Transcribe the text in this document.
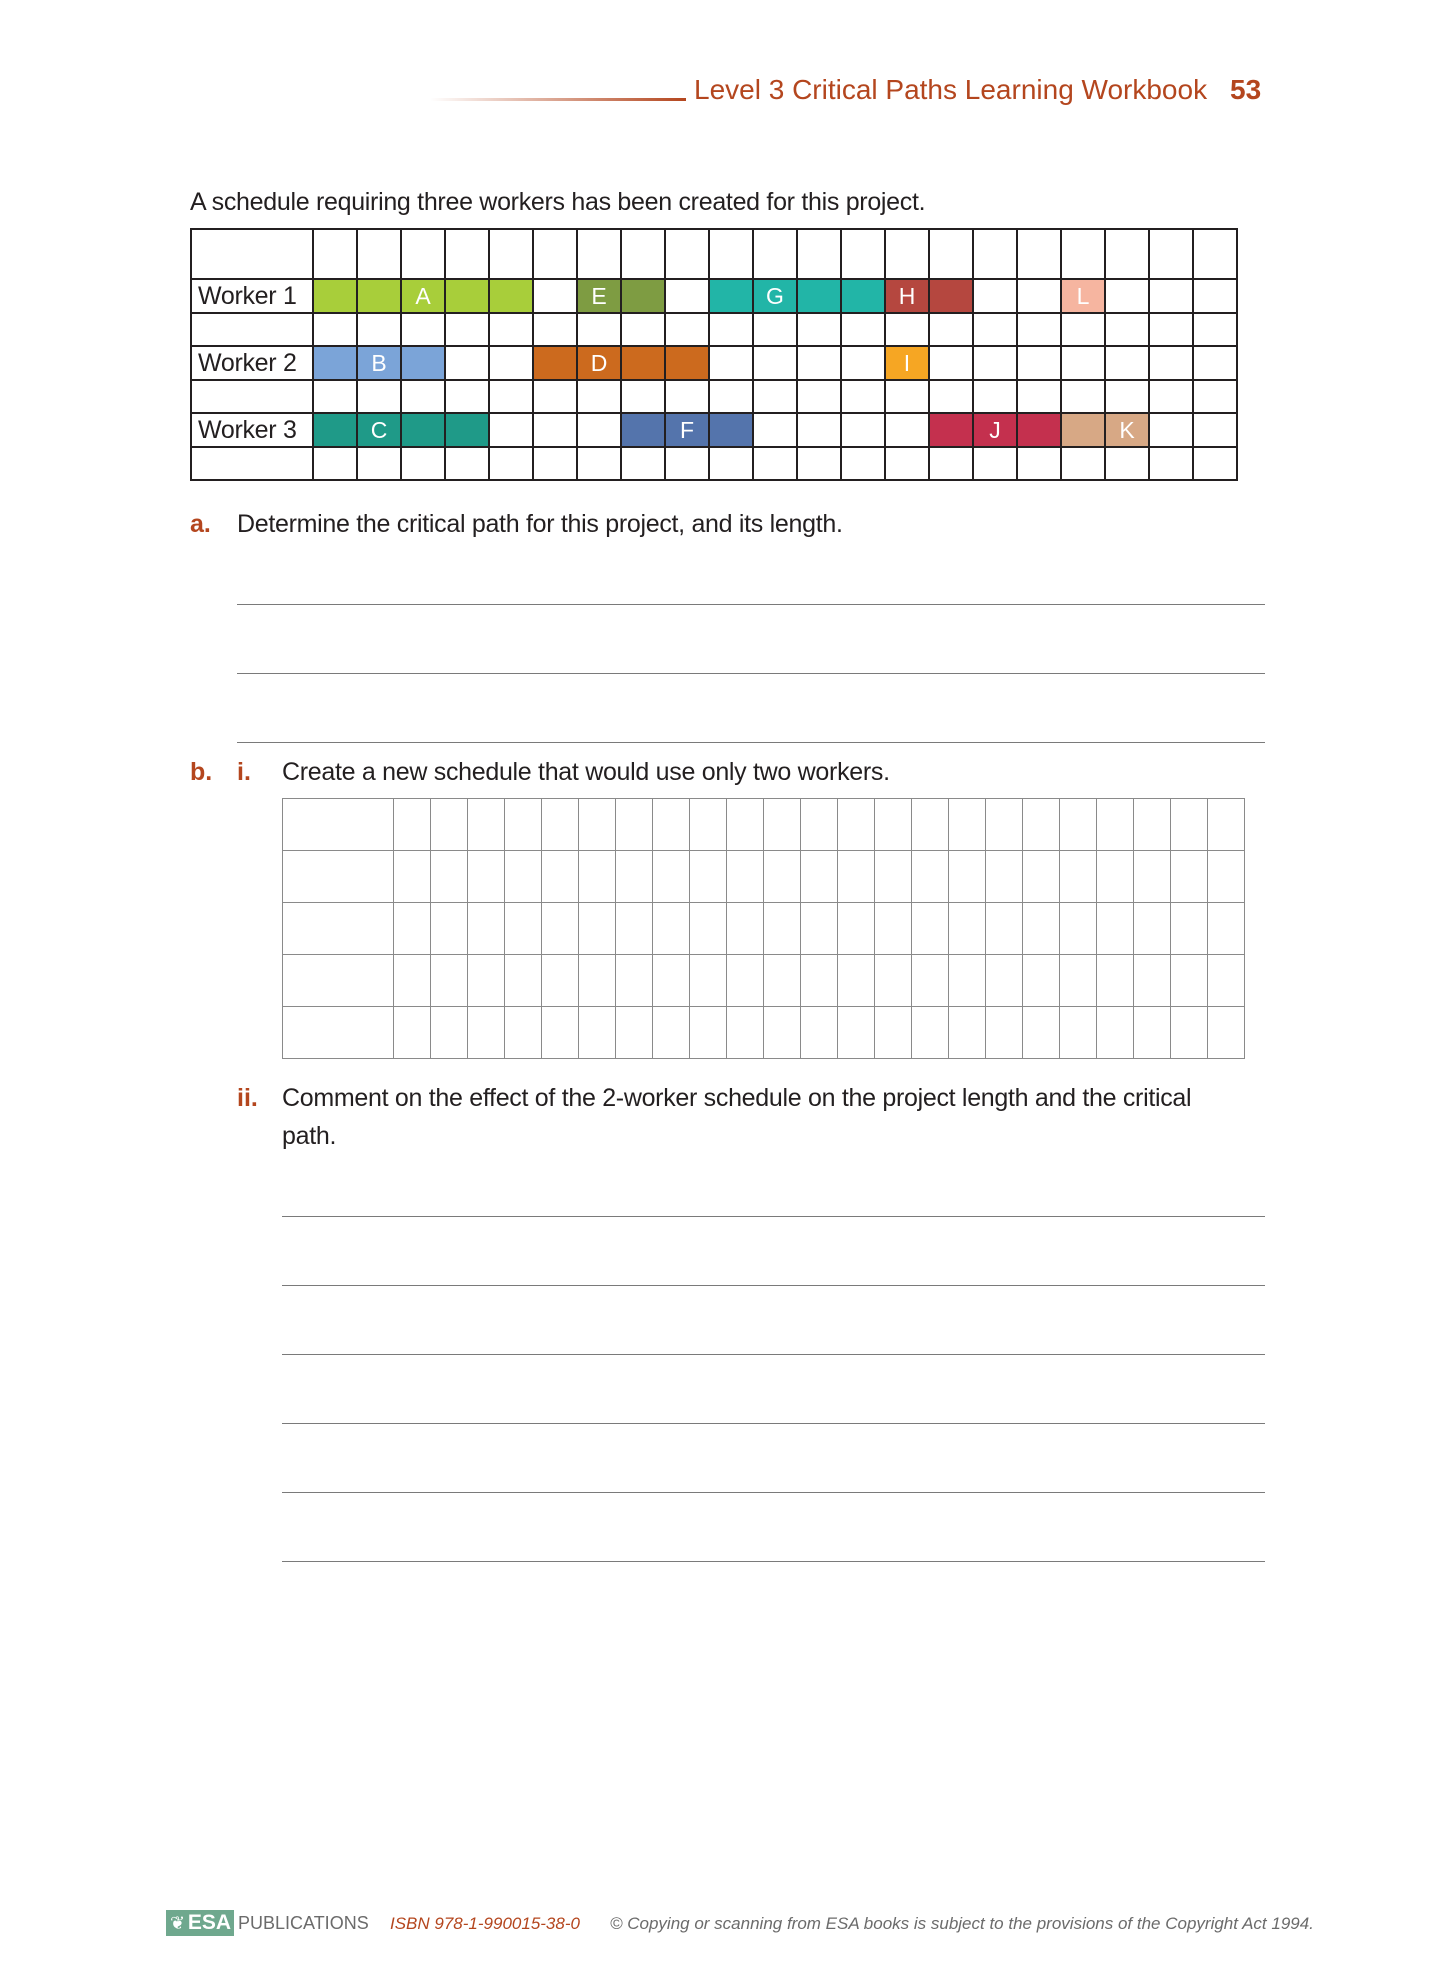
Level 3 Critical Paths Learning Workbook 53
A schedule requiring three workers has been created for this project.

Worker 1			A				E				G			H				L			

Worker 2		B					D							I							

Worker 3		C							F							J			K		

a. Determine the critical path for this project, and its length.
b. i. Create a new schedule that would use only two workers.

ii. Comment on the effect of the 2-worker schedule on the project length and the critical
path.
❦ ESA PUBLICATIONS ISBN 978-1-990015-38-0 © Copying or scanning from ESA books is subject to the provisions of the Copyright Act 1994.
